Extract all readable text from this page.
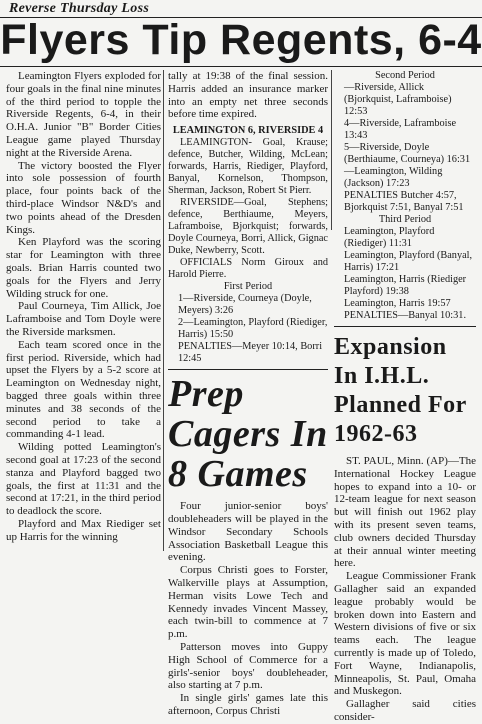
Reverse Thursday Loss
Flyers Tip Regents, 6-4

Leamington Flyers exploded for four goals in the final nine minutes of the third period to topple the Riverside Regents, 6-4, in their O.H.A. Junior "B" Border Cities League game played Thursday night at the Riverside Arena.

The victory boosted the Flyer into sole possession of fourth place, four points back of the third-place Windsor N&D's and two points ahead of the Dresden Kings.

Ken Playford was the scoring star for Leamington with three goals. Brian Harris counted two goals for the Flyers and Jerry Wilding struck for one.

Paul Courneya, Tim Allick, Joe Laframboise and Tom Doyle were the Riverside marksmen.

Each team scored once in the first period. Riverside, which had upset the Flyers by a 5-2 score at Leamington on Wednesday night, bagged three goals within three minutes and 38 seconds of the second period to take a commanding 4-1 lead.

Wilding potted Leamington's second goal at 17:23 of the second stanza and Playford bagged two goals, the first at 11:31 and the second at 17:21, in the third period to deadlock the score.

Playford and Max Riediger set up Harris for the winning

tally at 19:38 of the final session. Harris added an insurance marker into an empty net three seconds before time expired.

LEAMINGTON 6, RIVERSIDE 4

LEAMINGTON- Goal, Krause; defence, Butcher, Wilding, McLean; forwards, Harris, Riediger, Playford, Banyal, Kornelson, Thompson, Sherman, Jackson, Robert St Pierr.

RIVERSIDE—Goal, Stephens; defence, Berthiaume, Meyers, Laframboise, Bjorkquist; forwards, Doyle Courneya, Borri, Allick, Gignac Duke, Newberry, Scott.

OFFICIALS Norm Giroux and Harold Pierre.

First Period

1—Riverside, Courneya (Doyle, Meyers) 3:26

2—Leamington, Playford (Riediger, Harris) 15:50

PENALTIES—Meyer 10:14, Borri 12:45

Prep Cagers In 8 Games

Four junior-senior boys' doubleheaders will be played in the Windsor Secondary Schools Association Basketball League this evening.

Corpus Christi goes to Forster, Walkerville plays at Assumption, Herman visits Lowe Tech and Kennedy invades Vincent Massey, each twin-bill to commence at 7 p.m.

Patterson moves into Guppy High School of Commerce for a girls'-senior boys' doubleheader, also starting at 7 p.m.

In single girls' games late this afternoon, Corpus Christi

Second Period

—Riverside, Allick (Bjorkquist, Laframboise) 12:53

4—Riverside, Laframboise 13:43

5—Riverside, Doyle (Berthiaume, Courneya) 16:31

—Leamington, Wilding (Jackson) 17:23

PENALTIES Butcher 4:57, Bjorkquist 7:51, Banyal 7:51

Third Period

Leamington, Playford (Riediger) 11:31

Leamington, Playford (Banyal, Harris) 17:21

Leamington, Harris (Riediger Playford) 19:38

Leamington, Harris 19:57

PENALTIES—Banyal 10:31.

Expansion In I.H.L. Planned For 1962-63

ST. PAUL, Minn. (AP)—The International Hockey League hopes to expand into a 10- or 12-team league for next season but will finish out 1962 play with its present seven teams, club owners decided Thursday at their annual winter meeting here.

League Commissioner Frank Gallagher said an expanded league probably would be broken down into Eastern and Western divisions of five or six teams each. The league currently is made up of Toledo, Fort Wayne, Indianapolis, Minneapolis, St. Paul, Omaha and Muskegon.

Gallagher said cities consider-
